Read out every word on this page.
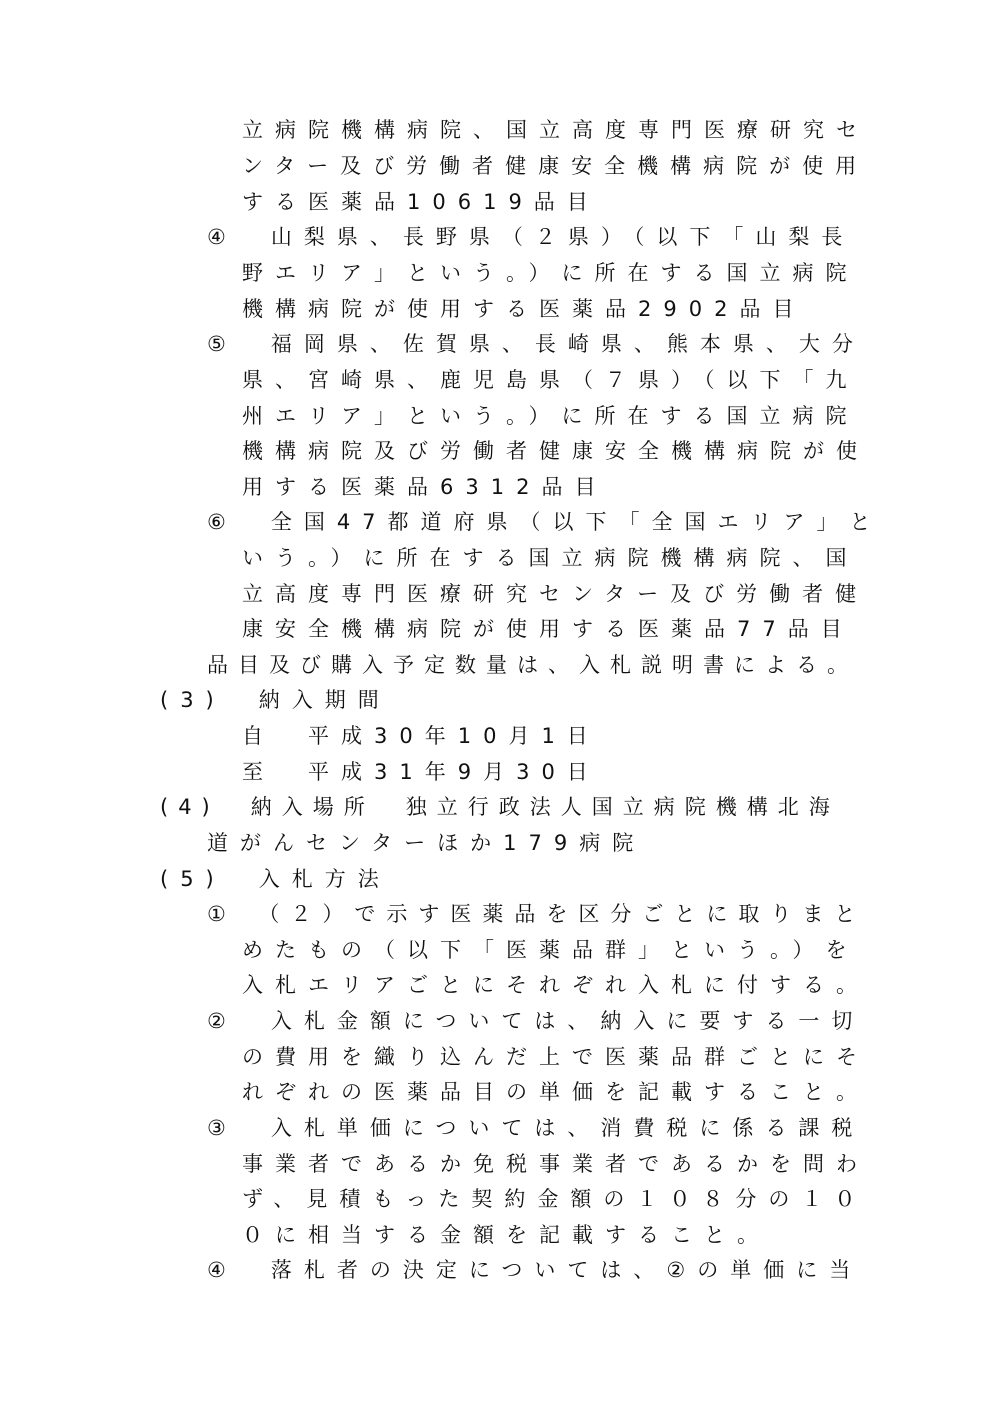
立病院機構病院、国立高度専門医療研究セ
ンター及び労働者健康安全機構病院が使用
する医薬品10619品目
④　山梨県、長野県（２県）（以下「山梨長
野エリア」という。）に所在する国立病院
機構病院が使用する医薬品2902品目
⑤　福岡県、佐賀県、長崎県、熊本県、大分
県、宮崎県、鹿児島県（７県）（以下「九
州エリア」という。）に所在する国立病院
機構病院及び労働者健康安全機構病院が使
用する医薬品6312品目
⑥　全国47都道府県（以下「全国エリア」と
いう。）に所在する国立病院機構病院、国
立高度専門医療研究センター及び労働者健
康安全機構病院が使用する医薬品77品目
品目及び購入予定数量は、入札説明書による。
(3)　納入期間
自　平成30年10月1日
至　平成31年9月30日
(4)　納入場所　独立行政法人国立病院機構北海
道がんセンターほか179病院
(5)　入札方法
①　（２）で示す医薬品を区分ごとに取りまと
めたもの（以下「医薬品群」という。）を
入札エリアごとにそれぞれ入札に付する。
②　入札金額については、納入に要する一切
の費用を織り込んだ上で医薬品群ごとにそ
れぞれの医薬品目の単価を記載すること。
③　入札単価については、消費税に係る課税
事業者であるか免税事業者であるかを問わ
ず、見積もった契約金額の１０８分の１０
０に相当する金額を記載すること。
④　落札者の決定については、②の単価に当
